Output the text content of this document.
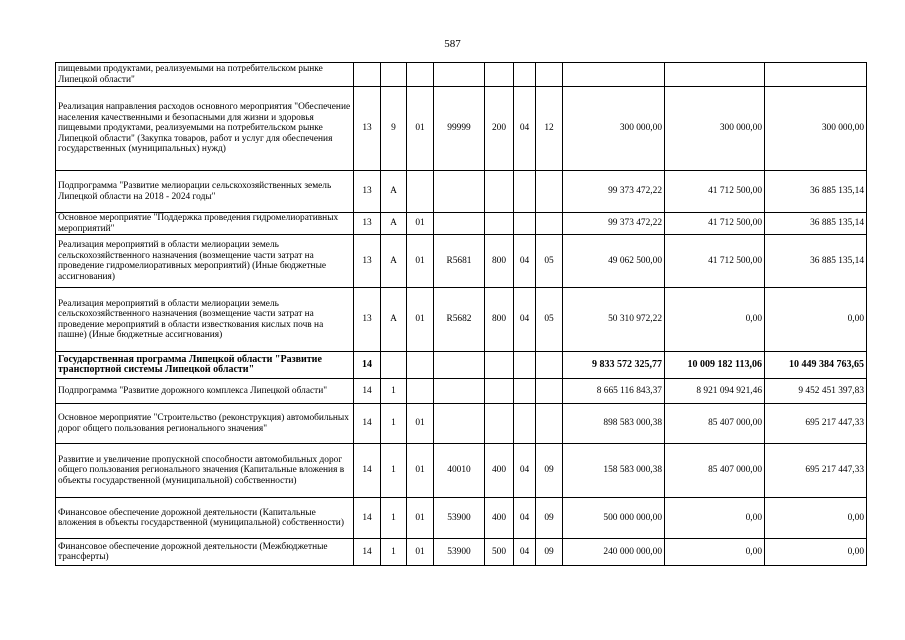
587
пищевыми продуктами, реализуемыми на потребительском рынке Липецкой области"										
Реализация направления расходов основного мероприятия "Обеспечение населения качественными и безопасными для жизни и здоровья пищевыми продуктами, реализуемыми на потребительском рынке Липецкой области" (Закупка товаров, работ и услуг для обеспечения государственных (муниципальных) нужд)	13	9	01	99999	200	04	12	300 000,00	300 000,00	300 000,00
Подпрограмма "Развитие мелиорации сельскохозяйственных земель Липецкой области на 2018 - 2024 годы"	13	А						99 373 472,22	41 712 500,00	36 885 135,14
Основное мероприятие "Поддержка проведения гидромелиоративных мероприятий"	13	А	01					99 373 472,22	41 712 500,00	36 885 135,14
Реализация мероприятий в области мелиорации земель сельскохозяйственного назначения (возмещение части затрат на проведение гидромелиоративных мероприятий) (Иные бюджетные ассигнования)	13	А	01	R5681	800	04	05	49 062 500,00	41 712 500,00	36 885 135,14
Реализация мероприятий в области мелиорации земель сельскохозяйственного назначения (возмещение части затрат на проведение мероприятий в области известкования кислых почв на пашне) (Иные бюджетные ассигнования)	13	А	01	R5682	800	04	05	50 310 972,22	0,00	0,00
Государственная программа Липецкой области "Развитие транспортной системы Липецкой области"	14							9 833 572 325,77	10 009 182 113,06	10 449 384 763,65
Подпрограмма "Развитие дорожного комплекса Липецкой области"	14	1						8 665 116 843,37	8 921 094 921,46	9 452 451 397,83
Основное мероприятие "Строительство (реконструкция) автомобильных дорог общего пользования регионального значения"	14	1	01					898 583 000,38	85 407 000,00	695 217 447,33
Развитие и увеличение пропускной способности автомобильных дорог общего пользования регионального значения (Капитальные вложения в объекты государственной (муниципальной) собственности)	14	1	01	40010	400	04	09	158 583 000,38	85 407 000,00	695 217 447,33
Финансовое обеспечение дорожной деятельности (Капитальные вложения в объекты государственной (муниципальной) собственности)	14	1	01	53900	400	04	09	500 000 000,00	0,00	0,00
Финансовое обеспечение дорожной деятельности (Межбюджетные трансферты)	14	1	01	53900	500	04	09	240 000 000,00	0,00	0,00
